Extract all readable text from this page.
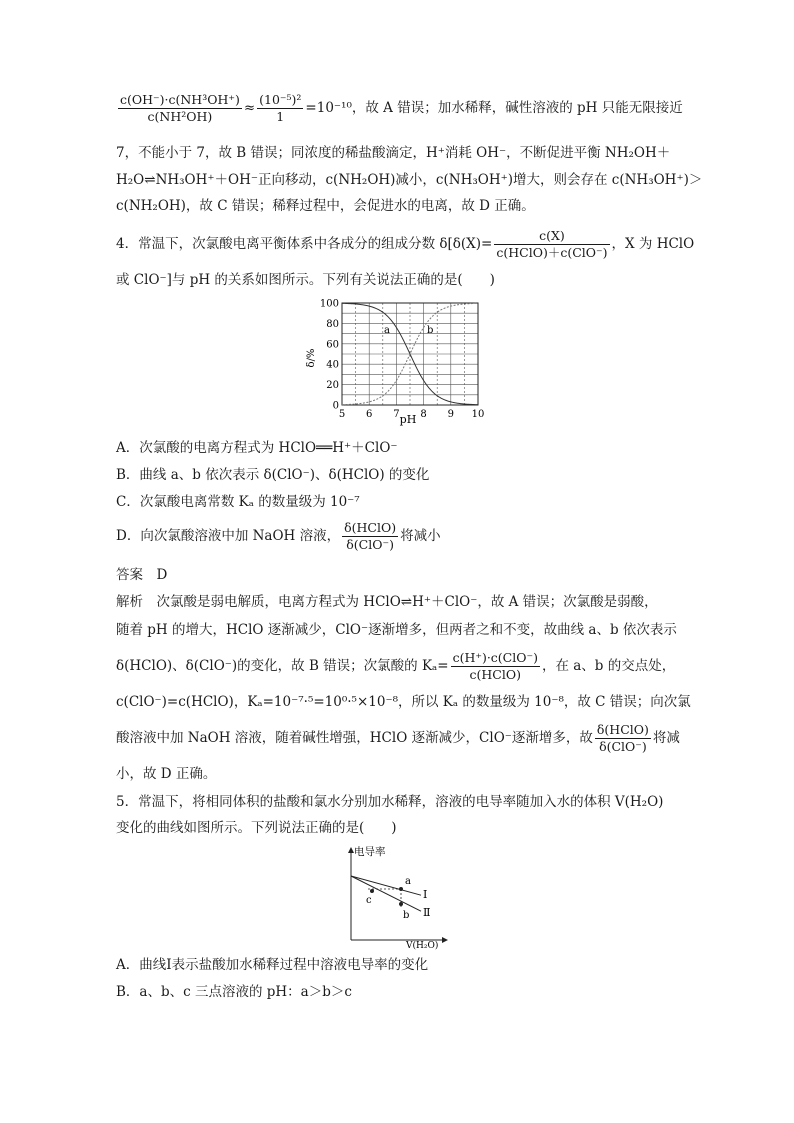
$\frac{\text{c(OH⁻)·c(NH³OH⁺)}}{\text{c(NH²OH)}} \approx \frac{\text{(10⁻⁵)²}}{1} =10^{-10}$，故 A 错误；加水稀释，碱性溶液的 pH 只能无限接近
7，不能小于 7，故 B 错误；同浓度的稀盐酸滴定，H⁺消耗 OH⁻，不断促进平衡 NH₂OH＋
H₂O⇌NH₃OH⁺＋OH⁻正向移动，c(NH₂OH)减小，c(NH₃OH⁺)增大，则会存在 c(NH₃OH⁺)＞
c(NH₂OH)，故 C 错误；稀释过程中，会促进水的电离，故 D 正确。
4．常温下，次氯酸电离平衡体系中各成分的组成分数 $\delta[\delta(X)= \frac{c(X)}{\text{c(HClO)＋c(ClO⁻)}}$ ，X 为 HClO
或 ClO⁻]与 pH 的关系如图所示。下列有关说法正确的是(　　)
0
20
40
60
80
100
5 6 7 8 9 10
a	b
δ/%
pH
A．次氯酸的电离方程式为 HClO══H⁺＋ClO⁻
B．曲线 a、b 依次表示 δ(ClO⁻)、δ(HClO) 的变化
C．次氯酸电离常数 Kₐ 的数量级为 10⁻⁷
D．向次氯酸溶液中加 NaOH 溶液， $\frac{\text{δ(HClO)}}{\text{δ(ClO⁻)}}$ 将减小
答案　D
解析　次氯酸是弱电解质，电离方程式为 HClO⇌H⁺＋ClO⁻，故 A 错误；次氯酸是弱酸，
随着 pH 的增大，HClO 逐渐减少，ClO⁻逐渐增多，但两者之和不变，故曲线 a、b 依次表示
δ(HClO)、δ(ClO⁻)的变化，故 B 错误；次氯酸的 $K_a= \frac{\text{c(H⁺)·c(ClO⁻)}}{\text{c(HClO)}}$ ，在 a、b 的交点处，
c(ClO⁻)=c(HClO)，Kₐ=10⁻⁷·⁵=10⁰·⁵×10⁻⁸，所以 Kₐ 的数量级为 10⁻⁸，故 C 错误；向次氯
酸溶液中加 NaOH 溶液，随着碱性增强，HClO 逐渐减少，ClO⁻逐渐增多，故 $\frac{\text{δ(HClO)}}{\text{δ(ClO⁻)}}$ 将减
小，故 D 正确。
5．常温下，将相同体积的盐酸和氯水分别加水稀释，溶液的电导率随加入水的体积 V(H₂O)
变化的曲线如图所示。下列说法正确的是(　　)
电导率
V(H₂O)
a
b
c	Ⅰ
Ⅱ
A．曲线Ⅰ表示盐酸加水稀释过程中溶液电导率的变化
B．a、b、c 三点溶液的 pH：a＞b＞c
